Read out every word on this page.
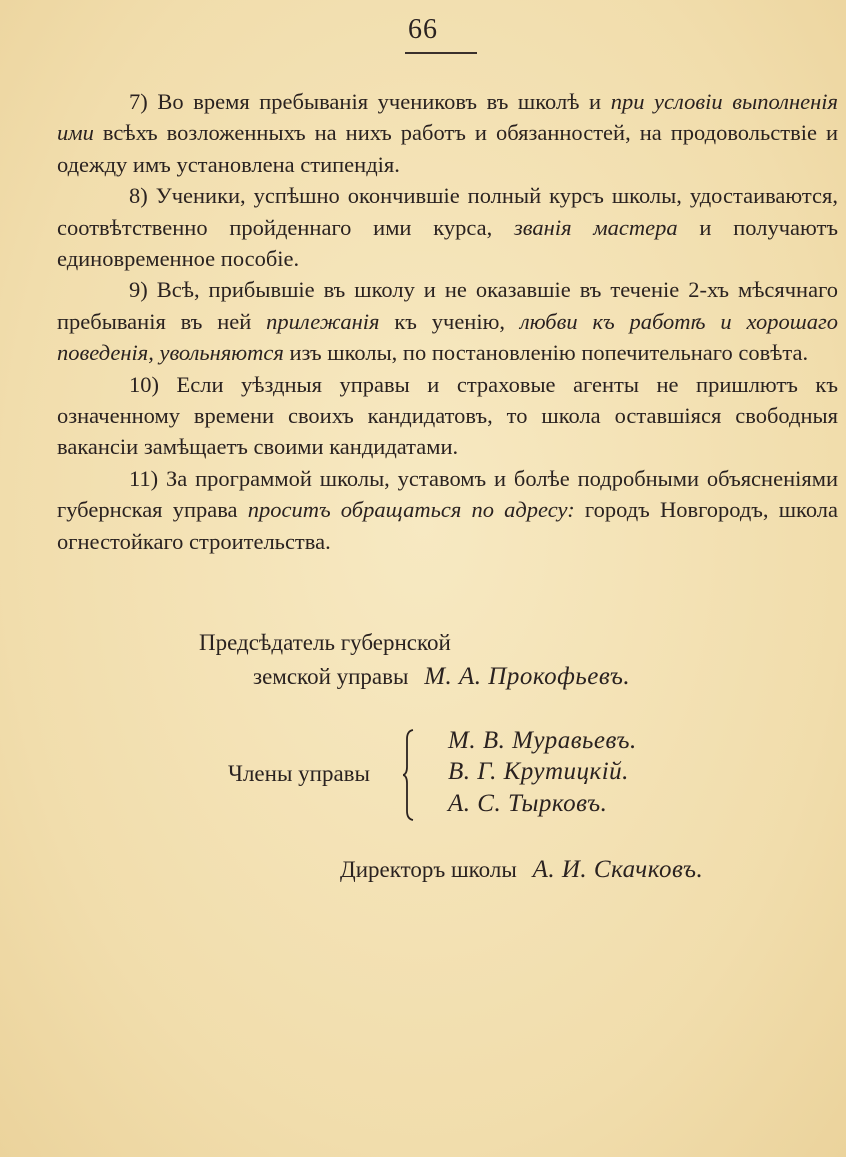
66

7) Во время пребыванія учениковъ въ школѣ и при условіи выполненія ими всѣхъ возложенныхъ на нихъ работъ и обязанностей, на продовольствіе и одежду имъ установлена стипендія.

8) Ученики, успѣшно окончившіе полный курсъ школы, удостаиваются, соотвѣтственно пройденнаго ими курса, званія мастера и получаютъ единовременное пособіе.

9) Всѣ, прибывшіе въ школу и не оказавшіе въ теченіе 2-хъ мѣсячнаго пребыванія въ ней прилежанія къ ученію, любви къ работѣ и хорошаго поведенія, увольняются изъ школы, по постановленію попечительнаго совѣта.

10) Если уѣздныя управы и страховые агенты не пришлютъ къ означенному времени своихъ кандидатовъ, то школа оставшіяся свободныя вакансіи замѣщаетъ своими кандидатами.

11) За программой школы, уставомъ и болѣе подробными объясненіями губернская управа проситъ обращаться по адресу: городъ Новгородъ, школа огнестойкаго строительства.

Предсѣдатель губернской
земской управы М. А. Прокофьевъ.
Члены управы
М. В. Муравьевъ.
В. Г. Крутицкій.
А. С. Тырковъ.
Директоръ школы А. И. Скачковъ.
